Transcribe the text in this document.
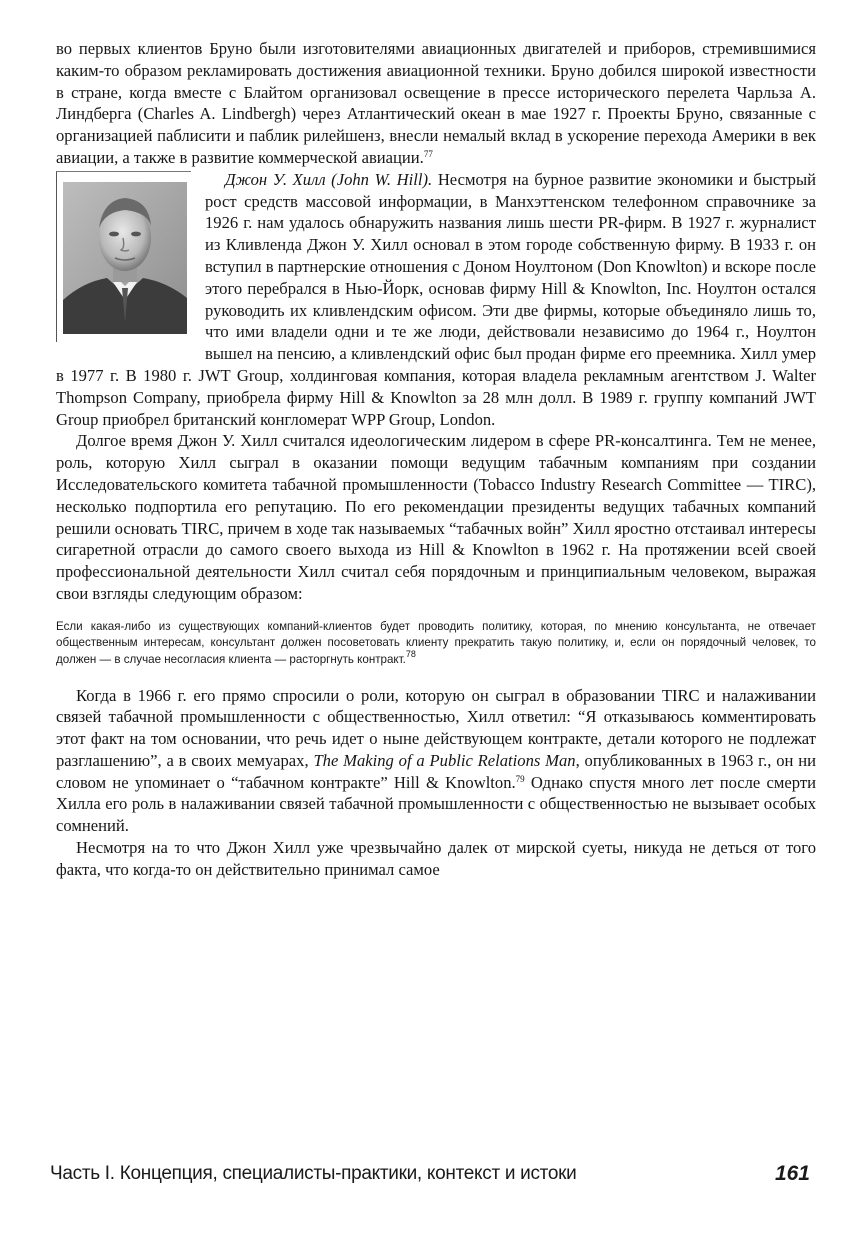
во первых клиентов Бруно были изготовителями авиационных двигателей и приборов, стремившимися каким-то образом рекламировать достижения авиационной техники. Бруно добился широкой известности в стране, когда вместе с Блайтом организовал освещение в прессе исторического перелета Чарльза А. Линдберга (Charles A. Lindbergh) через Атлантический океан в мае 1927 г. Проекты Бруно, связанные с организацией паблисити и паблик рилейшенз, внесли немалый вклад в ускорение перехода Америки в век авиации, а также в развитие коммерческой авиации.$^{77}$

Джон У. Хилл (John W. Hill). Несмотря на бурное развитие экономики и быстрый рост средств массовой информации, в Манхэттенском телефонном справочнике за 1926 г. нам удалось обнаружить названия лишь шести PR-фирм. В 1927 г. журналист из Кливленда Джон У. Хилл основал в этом городе собственную фирму. В 1933 г. он вступил в партнерские отношения с Доном Ноултоном (Don Knowlton) и вскоре после этого перебрался в Нью-Йорк, основав фирму Hill & Knowlton, Inc. Ноултон остался руководить их кливлендским офисом. Эти две фирмы, которые объединяло лишь то, что ими владели одни и те же люди, действовали независимо до 1964 г., Ноултон вышел на пенсию, а кливлендский офис был продан фирме его преемника. Хилл умер в 1977 г. В 1980 г. JWT Group, холдинговая компания, которая владела рекламным агентством J. Walter Thompson Company, приобрела фирму Hill & Knowlton за 28 млн долл. В 1989 г. группу компаний JWT Group приобрел британский конгломерат WPP Group, London.

Долгое время Джон У. Хилл считался идеологическим лидером в сфере PR-консалтинга. Тем не менее, роль, которую Хилл сыграл в оказании помощи ведущим табачным компаниям при создании Исследовательского комитета табачной промышленности (Tobacco Industry Research Committee — TIRC), несколько подпортила его репутацию. По его рекомендации президенты ведущих табачных компаний решили основать TIRC, причем в ходе так называемых “табачных войн” Хилл яростно отстаивал интересы сигаретной отрасли до самого своего выхода из Hill & Knowlton в 1962 г. На протяжении всей своей профессиональной деятельности Хилл считал себя порядочным и принципиальным человеком, выражая свои взгляды следующим образом:

Если какая-либо из существующих компаний-клиентов будет проводить политику, которая, по мнению консультанта, не отвечает общественным интересам, консультант должен посоветовать клиенту прекратить такую политику, и, если он порядочный человек, то должен — в случае несогласия клиента — расторгнуть контракт.$^{78}$

Когда в 1966 г. его прямо спросили о роли, которую он сыграл в образовании TIRC и налаживании связей табачной промышленности с общественностью, Хилл ответил: “Я отказываюсь комментировать этот факт на том основании, что речь идет о ныне действующем контракте, детали которого не подлежат разглашению”, а в своих мемуарах, The Making of a Public Relations Man, опубликованных в 1963 г., он ни словом не упоминает о “табачном контракте” Hill & Knowlton.$^{79}$ Однако спустя много лет после смерти Хилла его роль в налаживании связей табачной промышленности с общественностью не вызывает особых сомнений.

Несмотря на то что Джон Хилл уже чрезвычайно далек от мирской суеты, никуда не деться от того факта, что когда-то он действительно принимал самое

Часть I. Концепция, специалисты-практики, контекст и истоки	161
